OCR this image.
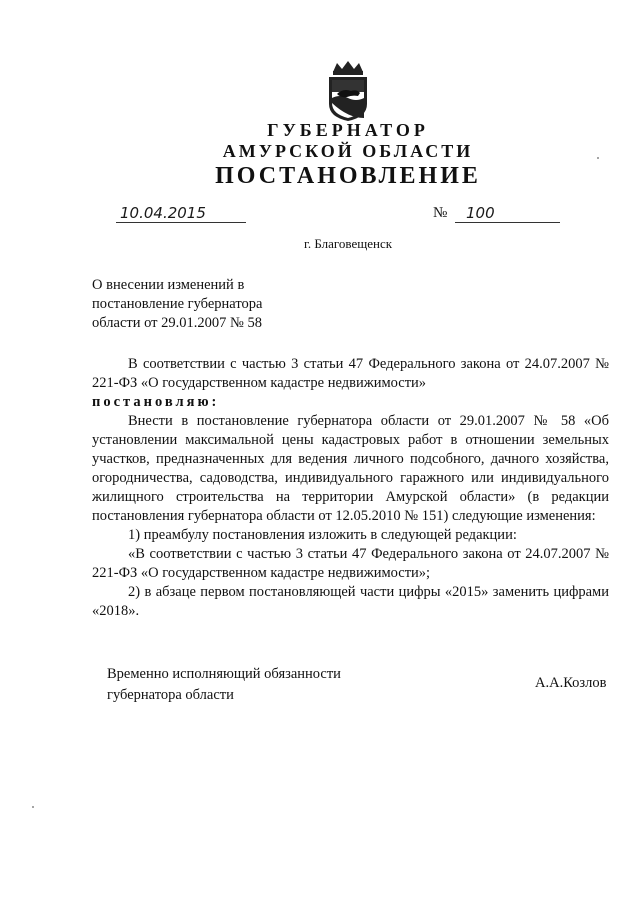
ГУБЕРНАТОР
АМУРСКОЙ ОБЛАСТИ
ПОСТАНОВЛЕНИЕ
10.04.2015	№ 100
г. Благовещенск
О внесении изменений в
постановление губернатора
области от 29.01.2007 № 58

В соответствии с частью 3 статьи 47 Федерального закона от 24.07.2007 № 221-ФЗ «О государственном кадастре недвижимости»

постановляю:

Внести в постановление губернатора области от 29.01.2007 № 58 «Об установлении максимальной цены кадастровых работ в отношении земельных участков, предназначенных для ведения личного подсобного, дачного хозяйства, огородничества, садоводства, индивидуального гаражного или индивидуального жилищного строительства на территории Амурской области» (в редакции постановления губернатора области от 12.05.2010 № 151) следующие изменения:

1) преамбулу постановления изложить в следующей редакции:

«В соответствии с частью 3 статьи 47 Федерального закона от 24.07.2007 № 221-ФЗ «О государственном кадастре недвижимости»;

2) в абзаце первом постановляющей части цифры «2015» заменить цифрами «2018».

Временно исполняющий обязанности
губернатора области
А.А.Козлов
